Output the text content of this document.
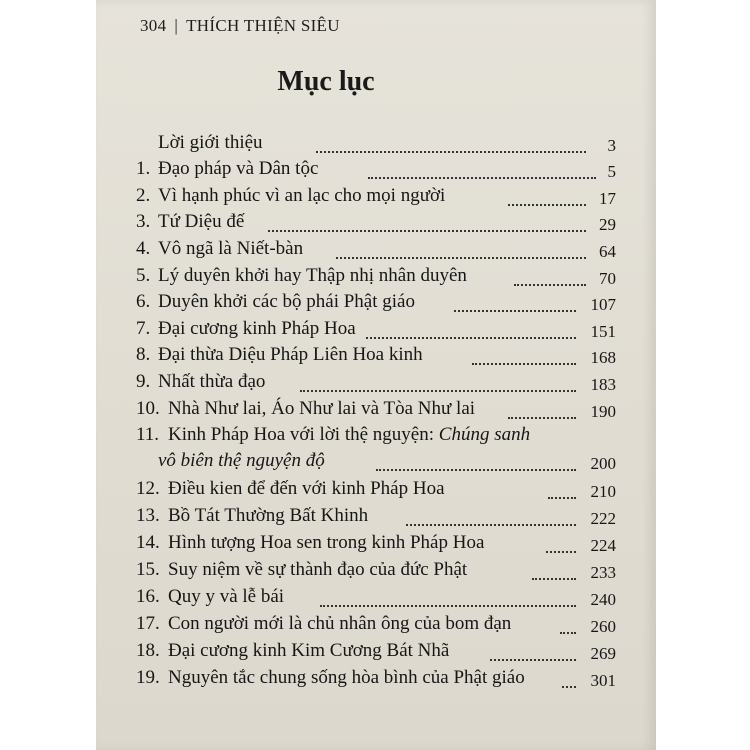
304 | THÍCH THIỆN SIÊU
Mục lục
Lời giới thiệu	3
1. Đạo pháp và Dân tộc	5
2. Vì hạnh phúc vì an lạc cho mọi người	17
3. Tứ Diệu đế	29
4. Vô ngã là Niết-bàn	64
5. Lý duyên khởi hay Thập nhị nhân duyên	70
6. Duyên khởi các bộ phái Phật giáo	107
7. Đại cương kinh Pháp Hoa	151
8. Đại thừa Diệu Pháp Liên Hoa kinh	168
9. Nhất thừa đạo	183
10. Nhà Như lai, Áo Như lai và Tòa Như lai	190
11. Kinh Pháp Hoa với lời thệ nguyện: Chúng sanh
vô biên thệ nguyện độ	200
12. Điều kien để đến với kinh Pháp Hoa	210
13. Bồ Tát Thường Bất Khinh	222
14. Hình tượng Hoa sen trong kinh Pháp Hoa	224
15. Suy niệm về sự thành đạo của đức Phật	233
16. Quy y và lễ bái	240
17. Con người mới là chủ nhân ông của bom đạn	260
18. Đại cương kinh Kim Cương Bát Nhã	269
19. Nguyên tắc chung sống hòa bình của Phật giáo	301
